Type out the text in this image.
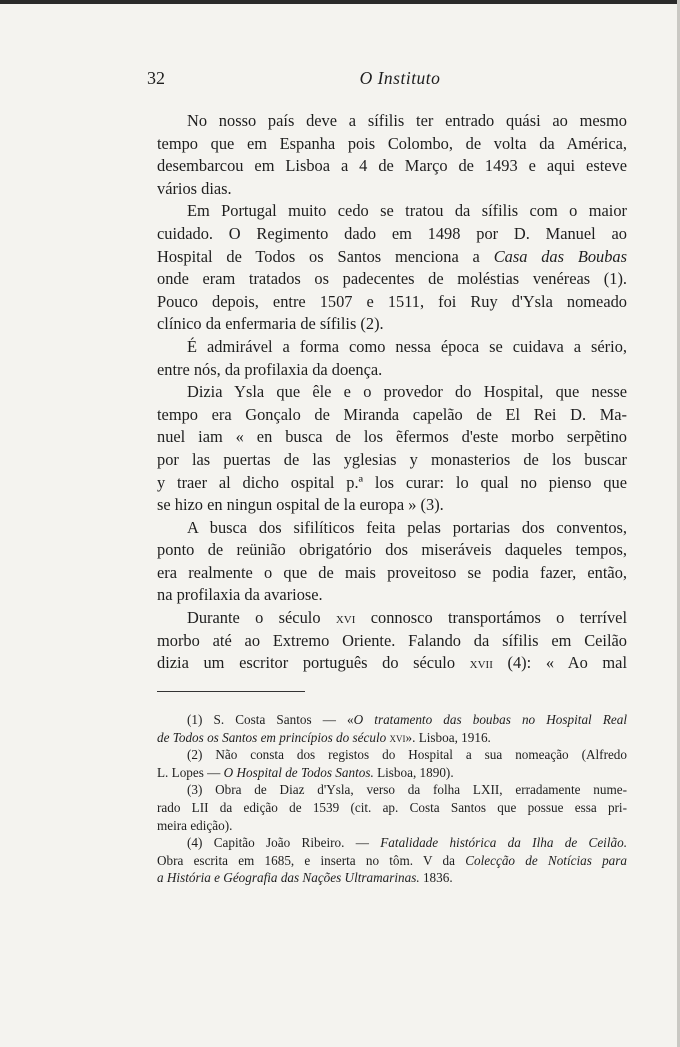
32	O Instituto

No nosso país deve a sífilis ter entrado quási ao mesmo
tempo que em Espanha pois Colombo, de volta da América,
desembarcou em Lisboa a 4 de Março de 1493 e aqui esteve
vários dias.

Em Portugal muito cedo se tratou da sífilis com o maior
cuidado. O Regimento dado em 1498 por D. Manuel ao
Hospital de Todos os Santos menciona a Casa das Boubas
onde eram tratados os padecentes de moléstias venéreas (1).
Pouco depois, entre 1507 e 1511, foi Ruy d'Ysla nomeado
clínico da enfermaria de sífilis (2).

É admirável a forma como nessa época se cuidava a sério,
entre nós, da profilaxia da doença.

Dizia Ysla que êle e o provedor do Hospital, que nesse
tempo era Gonçalo de Miranda capelão de El Rei D. Ma-
nuel iam « en busca de los ẽfermos d'este morbo serpẽtino
por las puertas de las yglesias y monasterios de los buscar
y traer al dicho ospital p.ª los curar: lo qual no pienso que
se hizo en ningun ospital de la europa » (3).

A busca dos sifilíticos feita pelas portarias dos conventos,
ponto de reünião obrigatório dos miseráveis daqueles tempos,
era realmente o que de mais proveitoso se podia fazer, então,
na profilaxia da avariose.

Durante o século xvi connosco transportámos o terrível
morbo até ao Extremo Oriente. Falando da sífilis em Ceilão
dizia um escritor português do século xvii (4): « Ao mal

(1) S. Costa Santos — «O tratamento das boubas no Hospital Real
de Todos os Santos em princípios do século xvi». Lisboa, 1916.

(2) Não consta dos registos do Hospital a sua nomeação (Alfredo
L. Lopes — O Hospital de Todos Santos. Lisboa, 1890).

(3) Obra de Diaz d'Ysla, verso da folha LXII, erradamente nume-
rado LII da edição de 1539 (cit. ap. Costa Santos que possue essa pri-
meira edição).

(4) Capitão João Ribeiro. — Fatalidade histórica da Ilha de Ceilão.
Obra escrita em 1685, e inserta no tôm. V da Colecção de Notícias para
a História e Géografia das Nações Ultramarinas. 1836.
